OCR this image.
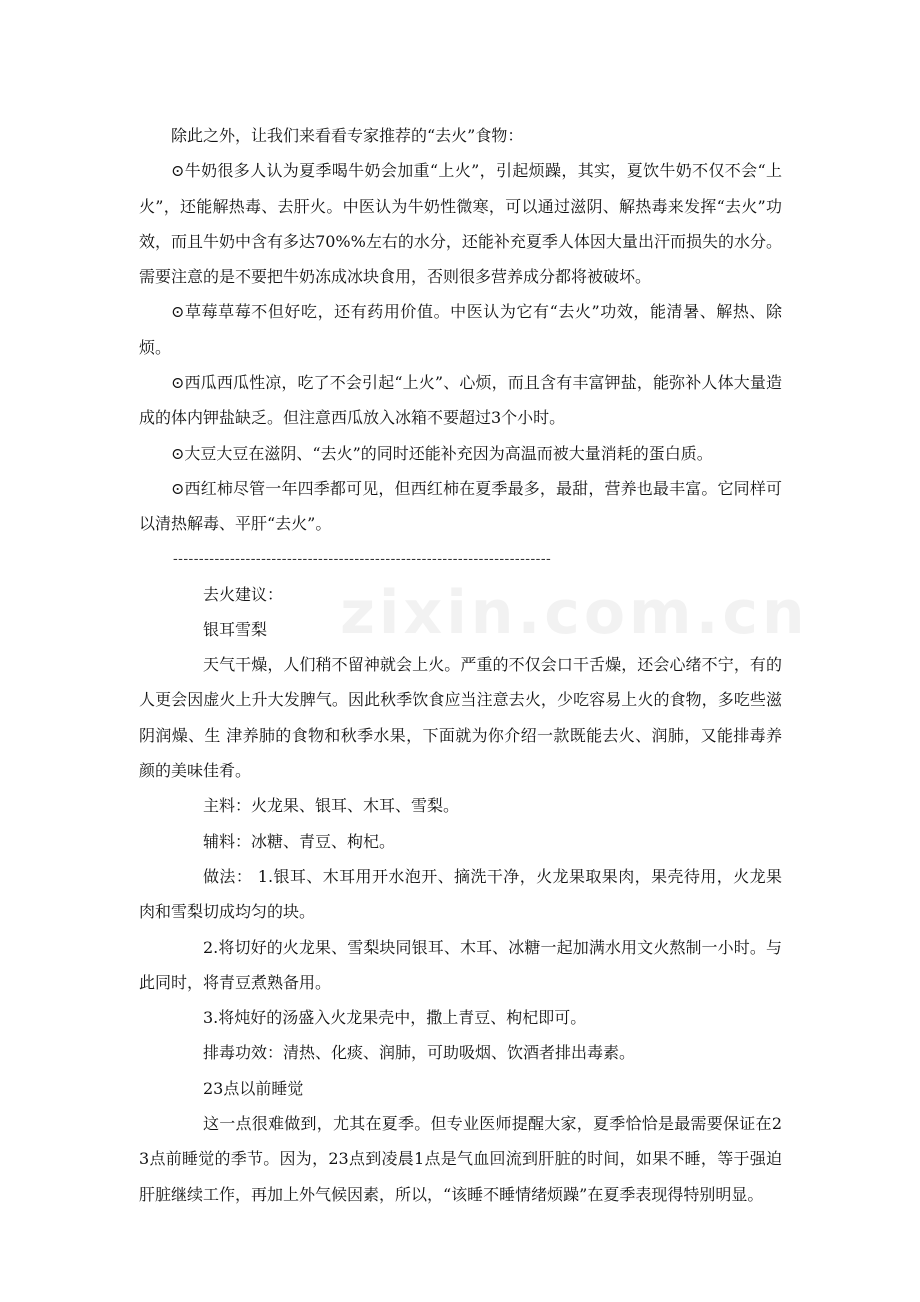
除此之外，让我们来看看专家推荐的“去火”食物：

⊙牛奶很多人认为夏季喝牛奶会加重“上火”，引起烦躁，其实，夏饮牛奶不仅不会“上火”，还能解热毒、去肝火。中医认为牛奶性微寒，可以通过滋阴、解热毒来发挥“去火”功效，而且牛奶中含有多达70%%左右的水分，还能补充夏季人体因大量出汗而损失的水分。需要注意的是不要把牛奶冻成冰块食用，否则很多营养成分都将被破坏。

⊙草莓草莓不但好吃，还有药用价值。中医认为它有“去火”功效，能清暑、解热、除烦。

⊙西瓜西瓜性凉，吃了不会引起“上火”、心烦，而且含有丰富钾盐，能弥补人体大量造成的体内钾盐缺乏。但注意西瓜放入冰箱不要超过3个小时。

⊙大豆大豆在滋阴、“去火”的同时还能补充因为高温而被大量消耗的蛋白质。

⊙西红柿尽管一年四季都可见，但西红柿在夏季最多，最甜，营养也最丰富。它同样可以清热解毒、平肝“去火”。

-------------------------------------------------------------------------

去火建议：

银耳雪梨

天气干燥，人们稍不留神就会上火。严重的不仅会口干舌燥，还会心绪不宁，有的人更会因虚火上升大发脾气。因此秋季饮食应当注意去火，少吃容易上火的食物，多吃些滋阴润燥、生 津养肺的食物和秋季水果，下面就为你介绍一款既能去火、润肺，又能排毒养颜的美味佳肴。

主料：火龙果、银耳、木耳、雪梨。

辅料：冰糖、青豆、枸杞。

做法： 1.银耳、木耳用开水泡开、摘洗干净，火龙果取果肉，果壳待用，火龙果肉和雪梨切成均匀的块。

2.将切好的火龙果、雪梨块同银耳、木耳、冰糖一起加满水用文火熬制一小时。与此同时，将青豆煮熟备用。

3.将炖好的汤盛入火龙果壳中，撒上青豆、枸杞即可。

排毒功效：清热、化痰、润肺，可助吸烟、饮酒者排出毒素。

23点以前睡觉

这一点很难做到，尤其在夏季。但专业医师提醒大家，夏季恰恰是最需要保证在23点前睡觉的季节。因为，23点到凌晨1点是气血回流到肝脏的时间，如果不睡，等于强迫肝脏继续工作，再加上外气候因素，所以，“该睡不睡情绪烦躁”在夏季表现得特别明显。

zixin.com.cn
